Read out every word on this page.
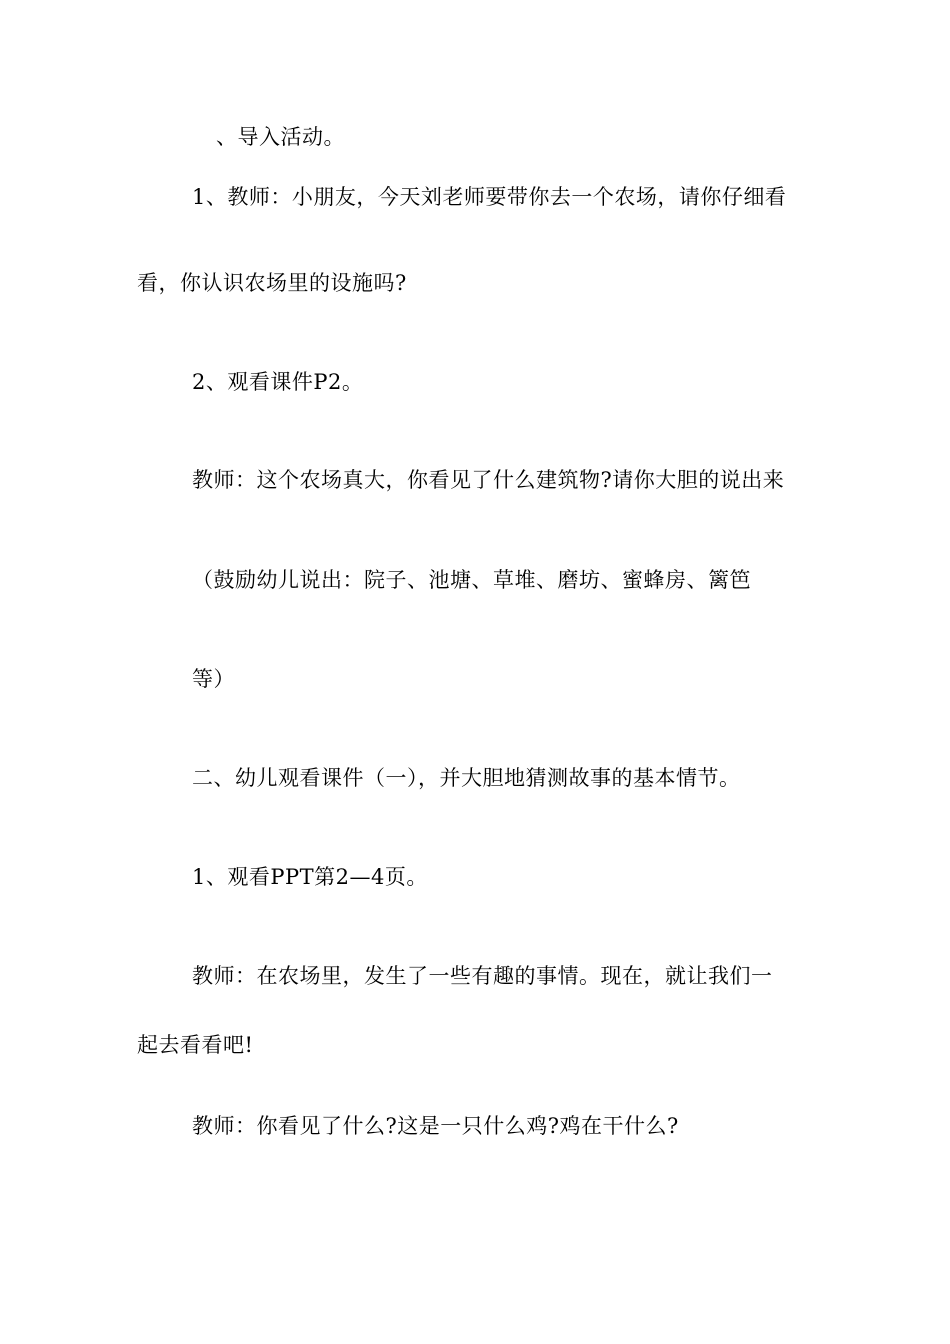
、导入活动。
1、教师：小朋友，今天刘老师要带你去一个农场，请你仔细看
看，你认识农场里的设施吗?
2、观看课件P2。
教师：这个农场真大，你看见了什么建筑物?请你大胆的说出来
（鼓励幼儿说出：院子、池塘、草堆、磨坊、蜜蜂房、篱笆
等）
二、幼儿观看课件（一），并大胆地猜测故事的基本情节。
1、观看PPT第2—4页。
教师：在农场里，发生了一些有趣的事情。现在，就让我们一
起去看看吧!
教师：你看见了什么?这是一只什么鸡?鸡在干什么?
